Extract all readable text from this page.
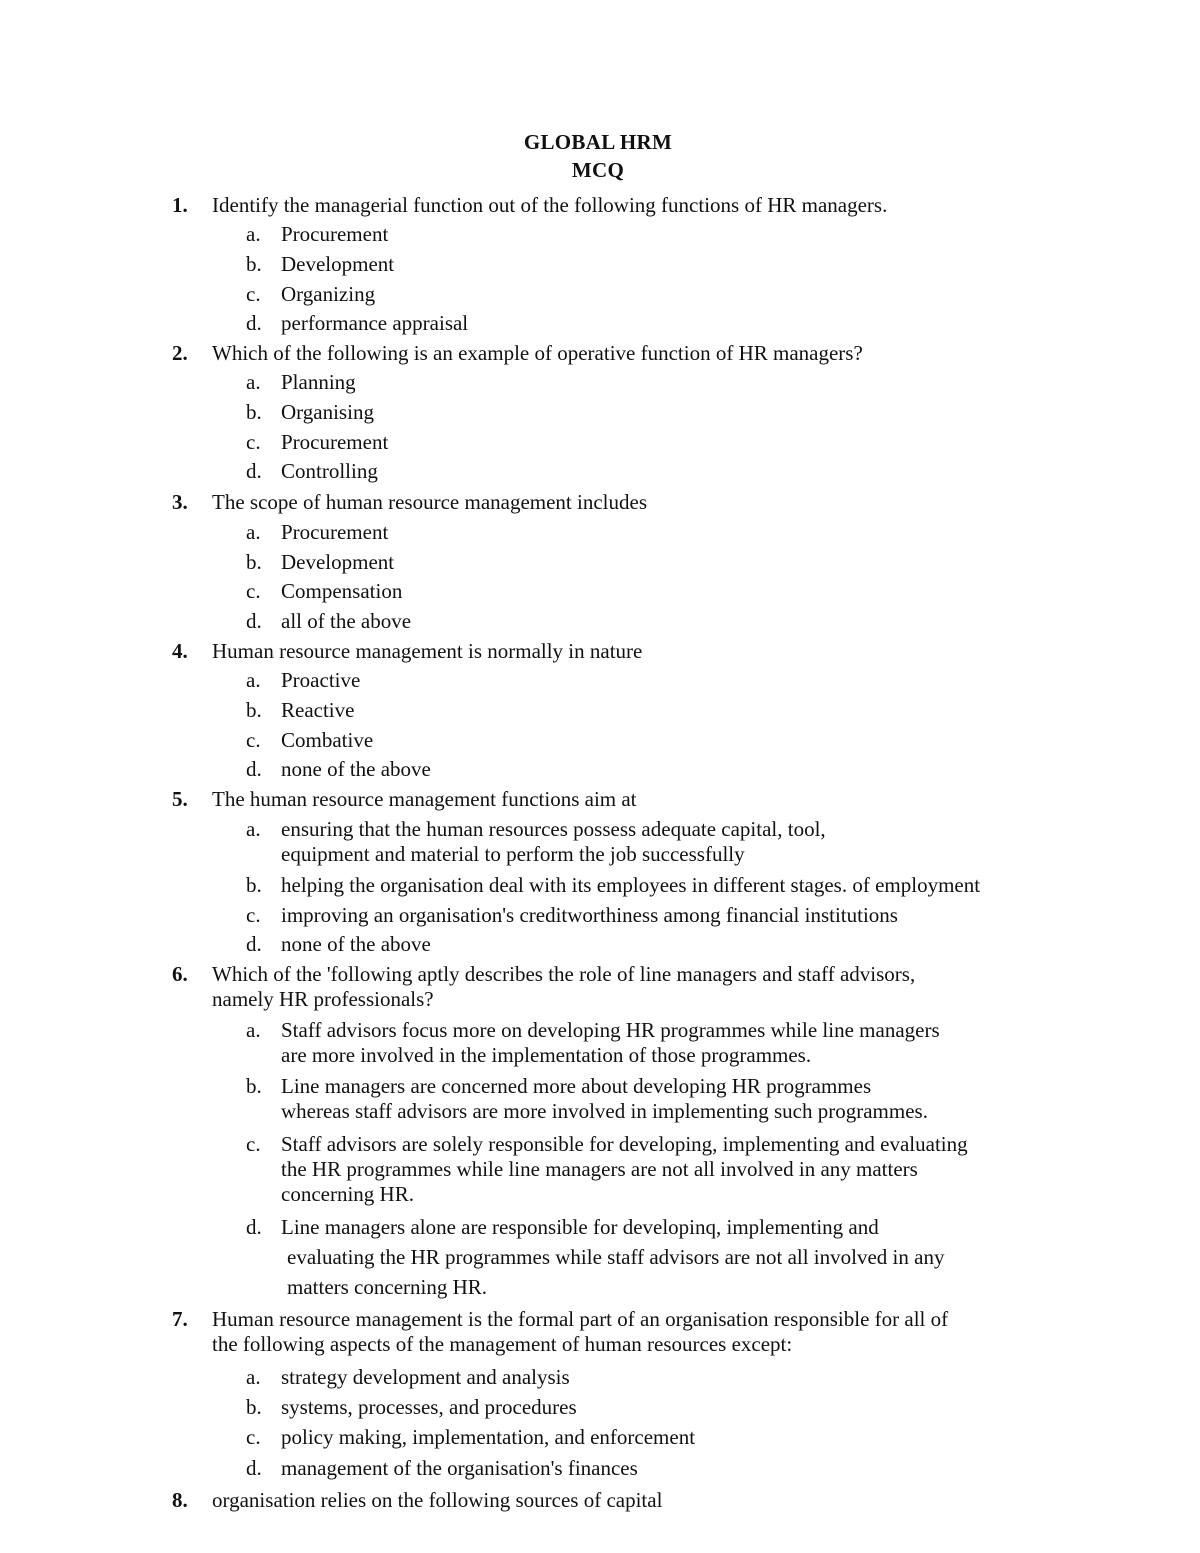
GLOBAL HRM
MCQ
1. Identify the managerial function out of the following functions of HR managers.
a. Procurement
b. Development
c. Organizing
d. performance appraisal
2. Which of the following is an example of operative function of HR managers?
a. Planning
b. Organising
c. Procurement
d. Controlling
3. The scope of human resource management includes
a. Procurement
b. Development
c. Compensation
d. all of the above
4. Human resource management is normally in nature
a. Proactive
b. Reactive
c. Combative
d. none of the above
5. The human resource management functions aim at
a. ensuring that the human resources possess adequate capital, tool,
equipment and material to perform the job successfully
b. helping the organisation deal with its employees in different stages. of employment
c. improving an organisation's creditworthiness among financial institutions
d. none of the above
6. Which of the 'following aptly describes the role of line managers and staff advisors,
namely HR professionals?
a. Staff advisors focus more on developing HR programmes while line managers
are more involved in the implementation of those programmes.
b. Line managers are concerned more about developing HR programmes
whereas staff advisors are more involved in implementing such programmes.
c. Staff advisors are solely responsible for developing, implementing and evaluating
the HR programmes while line managers are not all involved in any matters
concerning HR.
d. Line managers alone are responsible for developinq, implementing and
evaluating the HR programmes while staff advisors are not all involved in any
matters concerning HR.
7. Human resource management is the formal part of an organisation responsible for all of
the following aspects of the management of human resources except:
a. strategy development and analysis
b. systems, processes, and procedures
c. policy making, implementation, and enforcement
d. management of the organisation's finances
8. organisation relies on the following sources of capital
